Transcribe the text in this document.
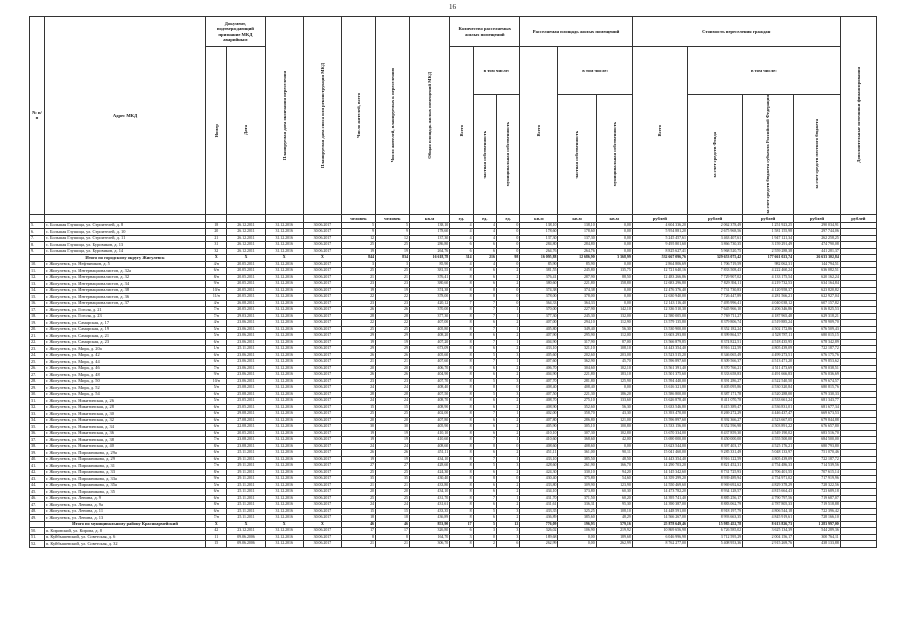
16
№ п/п	Адрес МКД	Документ, подтверждающий признание МКД аварийным		Планируемая дата окончания переселения	Планируемая дата сноса или реконструкции МКД	Число жителей, всего	Число жителей, планируемых к переселению	Общая площадь жилых помещений МКД	Количество расселяемых жилых помещений			Расселяемая площадь жилых помещений			Стоимость переселения граждан				Дополнительные источники финансирования

		Номер	Дата						Всего	в том числе:		Всего	в том числе:		Всего	в том числе:			

										частная собственность	муниципальная собственность		частная собственность	муниципальная собственность		за счет средств Фонда	за счет средств бюджета субъекта Российской Федерации	за счет средств местного бюджета	

						человек	человек	кв.м	ед.	ед.	ед.	кв.м	кв.м	кв.м	рублей	рублей	рублей	рублей	рублей
5.	с. Большая Глушица, ул. Строителей, д. 8	18	26.12.2011	31.12.2016	30.06.2017	5	5	138,10	4	4	0	138,10	138,10	0,00	4 604 336,20	2 062 378,49	1 251 923,25	290 034,91	
6.	с. Большая Глушица, ул. Строителей, д. 10	20	26.12.2011	31.12.2016	30.06.2017	9	9	178,60	4	4	0	178,60	178,60	0,00	5 954 881,20	2 675 968,56	1 581 155,98	297 744,06	
7.	с. Большая Глушица, ул. Строителей, д. 11	21	26.12.2011	31.12.2016	30.06.2017	12	12	137,30	4	4	0	137,30	137,30	0,00	5 245 457,61	3 463 407,61	1 947 121,34	262 258,25	
8.	с. Большая Глушица, ул. Буровиков, д. 13	31	26.12.2011	31.12.2016	30.06.2017	25	25	286,80	6	6	0	284,80	284,80	0,00	9 495 801,60	3 866 730,35	3 159 291,49	474 790,08	
9.	с. Большая Глушица, ул. Буровиков, д. 14	32	26.12.2011	31.12.2016	30.06.2017	19	19	264,76	6	6	0	264,76	264,76	0,00	8 825 627,41	5 968 520,75	2 559 288,38	441 281,37	
	Итого по городскому округу Жигулевск	X	X	X	X	844	834	16 618,78	314	216	98	16 095,88	12 686,90	3 368,99	532 667 096,76	329 653 075,42	177 661 023,74	26 633 302,84	
10.	г. Жигулевск, ул. Нефтяников, д. 5	4/н	20.05.2011	31.12.2016	30.06.2017	3	3	85,90	4	4	0	85,90	85,90	0,00	2 864 806,69	1 706 719,59	982 062,31	144 794,51	
11.	г. Жигулевск, ул. Интернационалистов, д. 32а	6/н	20.05.2011	31.12.2016	30.06.2017	25	25	381,55	8	6	2	381,55	245,80	135,75	12 721 640,16	7 833 508,43	4 222 460,24	636 082,51	
12.	г. Жигулевск, ул. Интернационалистов, д. 32	8/н	20.05.2011	31.12.2016	30.06.2017	21	21	376,41	8	6	2	376,41	287,90	88,50	12 483 266,86	7 729 907,02	4 133 175,54	620 162,24	
13.	г. Жигулевск, ул. Интернационалистов, д. 34	9/н	20.05.2011	31.12.2016	30.06.2017	23	23	380,60	8	6	2	380,60	221,80	158,80	12 683 296,80	7 829 394,11	4 219 732,53	634 164,84	
14.	г. Жигулевск, ул. Интернационалистов, д. 38	10/н	20.05.2011	31.12.2016	30.06.2017	19	19	374,38	8	8	0	374,38	374,38	0,00	12 476 376,40	7 731 730,83	4 120 958,37	623 820,82	
15.	г. Жигулевск, ул. Интернационалистов, д. 36	11/н	20.05.2011	31.12.2016	30.06.2017	22	22	378,00	8	8	0	378,00	378,00	0,00	12 630 940,00	7 726 447,89	4 281 566,21	622 927,04	
16.	г. Жигулевск, ул. Интернационалистов, д. 37	4/н	26.08.2011	31.12.2016	30.06.2017	23	23	420,12	7	7	0	364,33	364,33	0,00	12 143 116,40	7 495 996,41	4 040 038,12	607 157,82	
17.	г. Жигулевск, ул. Гоголя, д. 21	7/н	20.05.2011	31.12.2016	30.06.2017	26	26	370,00	8	7	1	370,00	227,90	142,10	12 336 510,30	7 645 966,10	4 206 346,86	616 825,53	
18.	г. Жигулевск, ул. Гоголя, д. 23	7/н	29.03.2011	31.12.2016	30.06.2017	28	28	377,30	8	7	1	377,30	245,30	132,00	12 580 005,00	7 769 711,27	4 187 965,48	629 318,21	
19.	г. Жигулевск, ул. Самарская, д. 17	4/н	23.06.2011	31.12.2016	30.06.2017	22	22	407,00	8	6	2	407,00	294,10	112,90	13 579 135,80	8 379 806,74	4 519 885,24	678 909,70	
20.	г. Жигулевск, ул. Самарская, д. 19	5/н	23.06.2011	31.12.2016	30.06.2017	25	25	405,80	8	7	1	405,80	349,40	56,30	13 530 900,00	8 352 182,24	4 502 172,86	676 509,43	
21.	г. Жигулевск, ул. Самарская, д. 21	5/н	23.06.2011	31.12.2016	30.06.2017	29	29	408,20	8	6	2	407,90	295,90	112,00	13 603 293,80	8 399 864,57	4 528 787,11	680 015,15	
22.	г. Жигулевск, ул. Самарская, д. 23	6/н	23.06.2011	31.12.2016	30.06.2017	19	19	407,20	8	7	1	404,90	317,90	87,00	13 566 879,85	8 374 822,51	4 518 435,95	678 342,89	
23.	г. Жигулевск, ул. Мира, д. 20а	1/н	25.11.2011	31.12.2016	30.06.2017	29	29	673,09	8	6	2	433,10	321,10	108,10	14 443 354,40	8 916 122,59	4 805 439,09	722 187,72	
24.	г. Жигулевск, ул. Мира, д. 42	6/н	23.06.2011	31.12.2016	30.06.2017	26	26	405,60	8	5	3	405,60	202,60	203,00	13 523 515,20	8 346 065,49	4 499 273,51	676 175,76	
25.	г. Жигулевск, ул. Мира, д. 44	6/н	23.06.2011	31.12.2016	30.06.2017	21	21	407,60	8	7	1	407,60	362,90	45,70	13 596 897,60	8 309 566,37	4 513 471,20	679 853,62	
26.	г. Жигулевск, ул. Мира, д. 46	7/н	23.06.2011	31.12.2016	30.06.2017	20	20	406,70	8	6	2	406,70	304,60	102,10	13 561 391,40	8 370 766,21	4 511 473,69	678 038,51	
27.	г. Жигулевск, ул. Мира, д. 48	9/н	23.06.2011	31.12.2016	30.06.2017	26	26	404,90	8	6	2	404,90	221,80	183,10	13 501 375,60	8 333 658,83	4 491 666,83	676 036,69	
28.	г. Жигулевск, ул. Мира, д. 50	10/н	23.06.2011	31.12.2016	30.06.2017	23	23	407,70	8	5	3	407,70	281,80	125,90	13 594 440,00	8 391 286,27	4 522 540,50	679 674,57	
29.	г. Жигулевск, ул. Мира, д. 52	5/н	25.08.2011	31.12.2016	30.06.2017	24	24	408,40	8	8	0	408,40	408,40	0,00	13 616 321,80	8 405 095,86	4 530 320,84	680 815,76	
30.	г. Жигулевск, ул. Мира, д. 54	6/н	25.08.2011	31.12.2016	30.06.2017	28	28	407,50	8	5	3	407,50	221,30	186,20	13 586 800,00	8 387 171,78	4 520 288,00	679 330,33	
31.	г. Жигулевск, ул. Никитинская, д. 26	5/н	25.05.2011	31.12.2016	30.06.2017	24	24	408,70	8	6	2	408,70	275,10	133,60	13 626 878,40	8 411 070,78	4 533 661,24	681 343,77	
32.	г. Жигулевск, ул. Никитинская, д. 28	6/н	25.05.2011	31.12.2016	30.06.2017	15	15	408,90	8	6	2	408,90	352,60	56,30	13 633 546,80	8 415 389,47	4 536 831,01	681 677,34	
33.	г. Жигулевск, ул. Никитинская, д. 30	6/н	29.08.2011	31.12.2016	30.06.2017	25	25	402,00	8	7	1	402,00	358,70	43,30	13 393 470,00	8 269 272,29	4 446 437,47	669 673,53	
34.	г. Жигулевск, ул. Никитинская, д. 32	6/н	27.08.2011	31.12.2016	30.06.2017	20	20	407,80	8	6	2	407,80	286,80	121,00	13 596 897,60	8 392 366,27	4 523 667,05	679 844,88	
35.	г. Жигулевск, ул. Никитинская, д. 34	6/н	22.08.2011	31.12.2016	30.06.2017	30	30	405,90	8	6	2	405,90	305,10	100,80	13 533 156,00	8 352 596,98	4 503 891,22	676 657,80	
36.	г. Жигулевск, ул. Никитинская, д. 36	6/н	20.05.2011	31.12.2016	30.06.2017	19	19	410,10	8	6	2	410,10	307,30	102,80	13 670 334,00	8 437 859,30	4 549 190,02	683 516,70	
37.	г. Жигулевск, ул. Никитинская, д. 38	7/н	23.08.2011	31.12.2016	30.06.2017	19	19	410,60	8	7	1	410,60	368,60	42,00	13 690 000,00	8 450 000,00	4 555 500,00	684 500,00	
38.	г. Жигулевск, ул. Никитинская, д. 40	8/н	23.08.2011	31.12.2016	30.06.2017	24	24	408,60	8	8	0	408,60	408,60	0,00	13 623 544,00	8 397 403,17	4 525 176,21	680 793,80	
39.	г. Жигулевск, ул. Пирожникова, д. 29а	6/н	25.11.2011	31.12.2016	30.06.2017	26	26	451,11	8	6	2	451,11	361,00	90,11	15 041 460,00	9 285 331,49	5 048 133,97	751 070,46	
40.	г. Жигулевск, ул. Пирожникова, д. 29	6/н	29.11.2011	31.12.2016	30.06.2017	19	19	434,10	8	7	1	433,10	385,50	48,50	14 443 354,40	8 916 122,59	4 805 439,09	722 187,72	
41.	г. Жигулевск, ул. Пирожникова, д. 31	7/н	29.11.2011	31.12.2016	30.06.2017	27	27	428,60	8	5	3	428,60	261,90	166,70	14 290 703,20	8 821 452,31	4 754 486,33	714 539,56	
42.	г. Жигулевск, ул. Пирожникова, д. 33	8/н	29.11.2011	31.12.2016	30.06.2017	25	25	424,30	8	6	2	424,30	330,10	94,20	14 145 342,60	8 731 725,93	4 706 401,55	707 615,14	
43.	г. Жигулевск, ул. Пирожникова, д. 33а	9/н	29.11.2011	31.12.2016	30.06.2017	35	35	430,40	8	8	0	430,40	375,80	54,60	14 359 299,20	8 939 489,94	4 754 971,02	717 919,96	
44.	г. Жигулевск, ул. Пирожникова, д. 35а	5/н	25.11.2011	31.12.2016	30.06.2017	21	21	433,80	8	6	2	433,80	309,90	123,90	14 550 469,60	8 969 692,62	4 829 378,29	728 322,56	
45.	г. Жигулевск, ул. Пирожникова, д. 35	6/н	25.11.2011	31.12.2016	30.06.2017	20	20	434,10	8	6	2	434,10	373,80	60,30	14 473 782,20	8 934 128,57	4 815 664,43	723 689,18	
46.	г. Жигулевск, ул. Ленина, д. 9	6/н	25.11.2011	31.12.2016	30.06.2017	25	25	431,70	8	7	1	431,70	371,50	60,20	14 395 741,40	8 885 256,17	4 790 797,56	719 687,07	
47.	г. Жигулевск, ул. Ленина, д. 9а	8/н	25.11.2011	31.12.2016	30.06.2017	24	24	431,61	8	6	2	431,61	336,31	95,30	14 390 387,00	8 883 062,79	4 787 805,33	719 518,88	
48.	г. Жигулевск, ул. Ленина, д. 11	6/н	25.11.2011	31.12.2016	30.06.2017	15	15	433,35	8	5	3	433,35	325,25	108,10	14 448 591,00	8 918 197,79	4 806 544,18	722 396,42	
49.	г. Жигулевск, ул. Ленина, д. 13	7/н	25.11.2011	31.12.2016	30.06.2017	18	18	436,89	8	6	2	436,89	385,60	48,29	14 566 267,00	8 993 663,35	4 845 919,61	728 166,10	
	Итого по муниципальному району Красноармейский	X	X	X	X	46	46	853,90	17	5	12	776,09	196,93	579,16	25 878 649,46	15 985 452,78	8 613 826,73	1 283 997,00	
50.	п. Кировский, ул. Кирова, д. 8	42	23.12.2011	31.12.2016	30.06.2017	17	17	326,80	6	3	3	326,02	106,90	219,92	10 869 656,98	6 726 585,02	3 625 134,39	544 289,36	
51.	п. Куйбышевский, ул. Советская, д. 6	11	09.06.2006	31.12.2016	30.06.2017	8	8	164,70	3	0	3	189,68	0,00	189,68	6 046 996,98	3 712 595,29	2 004 156,17	300 764,11	
52.	п. Куйбышевский, ул. Советская, д. 32	15	09.06.2006	31.12.2016	30.06.2017	21	21	306,70	8	2	6	262,99	0,00	262,99	8 762 277,00	5 408 953,36	2 915 269,76	438 133,88	
